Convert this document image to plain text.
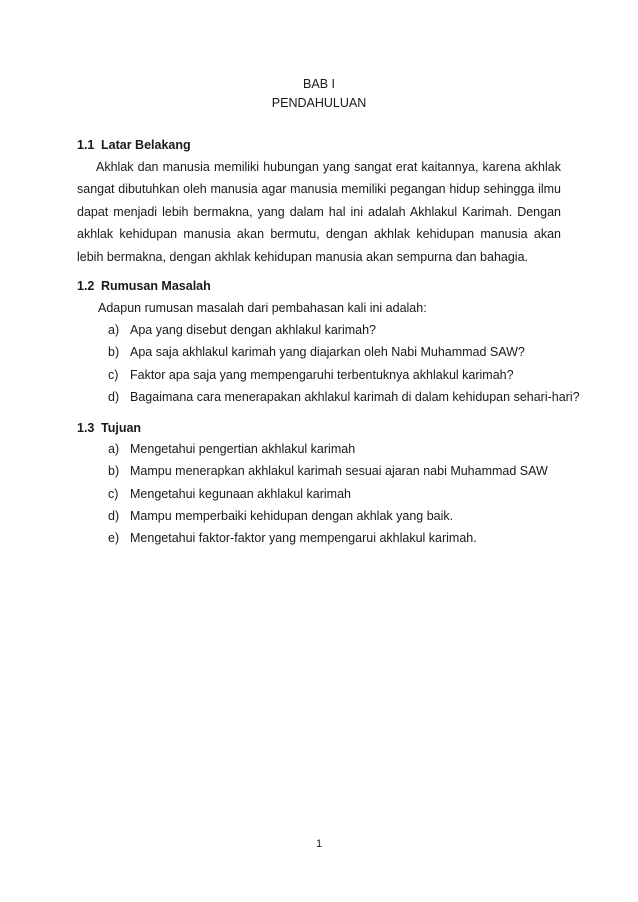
BAB I
PENDAHULUAN
1.1 Latar Belakang
Akhlak dan manusia memiliki hubungan yang sangat erat kaitannya, karena akhlak sangat dibutuhkan oleh manusia agar manusia memiliki pegangan hidup sehingga ilmu dapat menjadi lebih bermakna, yang dalam hal ini adalah Akhlakul Karimah. Dengan akhlak kehidupan manusia akan bermutu, dengan akhlak kehidupan manusia akan lebih bermakna, dengan akhlak kehidupan manusia akan sempurna dan bahagia.
1.2 Rumusan Masalah
Adapun rumusan masalah dari pembahasan kali ini adalah:
a) Apa yang disebut dengan akhlakul karimah?
b) Apa saja akhlakul karimah yang diajarkan oleh Nabi Muhammad SAW?
c) Faktor apa saja yang mempengaruhi terbentuknya akhlakul karimah?
d) Bagaimana cara menerapakan akhlakul karimah di dalam kehidupan sehari-hari?
1.3 Tujuan
a) Mengetahui pengertian akhlakul karimah
b) Mampu menerapkan akhlakul karimah sesuai ajaran nabi Muhammad SAW
c) Mengetahui kegunaan akhlakul karimah
d) Mampu memperbaiki kehidupan dengan akhlak yang baik.
e) Mengetahui faktor-faktor yang mempengarui akhlakul karimah.
1
